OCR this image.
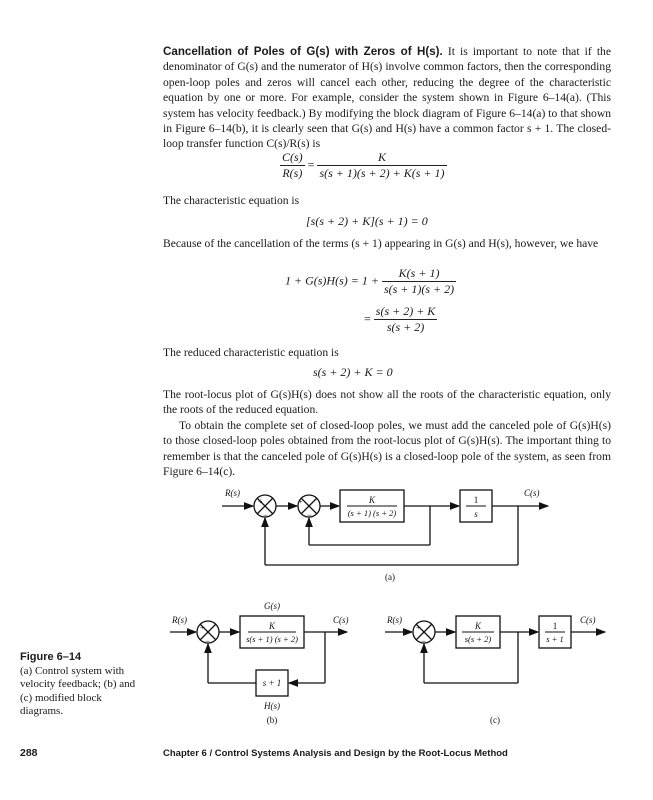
Cancellation of Poles of G(s) with Zeros of H(s). It is important to note that if the denominator of G(s) and the numerator of H(s) involve common factors, then the corresponding open-loop poles and zeros will cancel each other, reducing the degree of the characteristic equation by one or more. For example, consider the system shown in Figure 6–14(a). (This system has velocity feedback.) By modifying the block diagram of Figure 6–14(a) to that shown in Figure 6–14(b), it is clearly seen that G(s) and H(s) have a common factor s + 1. The closed-loop transfer function C(s)/R(s) is
$\frac{C(s)}{R(s)} = \frac{K}{s(s + 1)(s + 2) + K(s + 1)}$
The characteristic equation is
[s(s + 2) + K](s + 1) = 0
Because of the cancellation of the terms (s + 1) appearing in G(s) and H(s), however, we have
$1 + G(s)H(s) = 1 + \frac{K(s + 1)}{s(s + 1)(s + 2)}$
= $\frac{s(s + 2) + K}{s(s + 2)}$
The reduced characteristic equation is
s(s + 2) + K = 0
The root-locus plot of G(s)H(s) does not show all the roots of the characteristic equation, only the roots of the reduced equation.
To obtain the complete set of closed-loop poles, we must add the canceled pole of G(s)H(s) to those closed-loop poles obtained from the root-locus plot of G(s)H(s). The important thing to remember is that the canceled pole of G(s)H(s) is a closed-loop pole of the system, as seen from Figure 6–14(c).
R(s)	C(s)
+
−
+
−
K
(s + 1) (s + 2)
1
s
(a)
R(s)	C(s)
G(s)
+
−
K
s(s + 1) (s + 2)
s + 1
H(s)
(b)
R(s)	C(s)
+
−
K
s(s + 2)
1
s + 1
(c)
Figure 6–14
(a) Control system with velocity feedback; (b) and (c) modified block diagrams.
288	Chapter 6 / Control Systems Analysis and Design by the Root-Locus Method
